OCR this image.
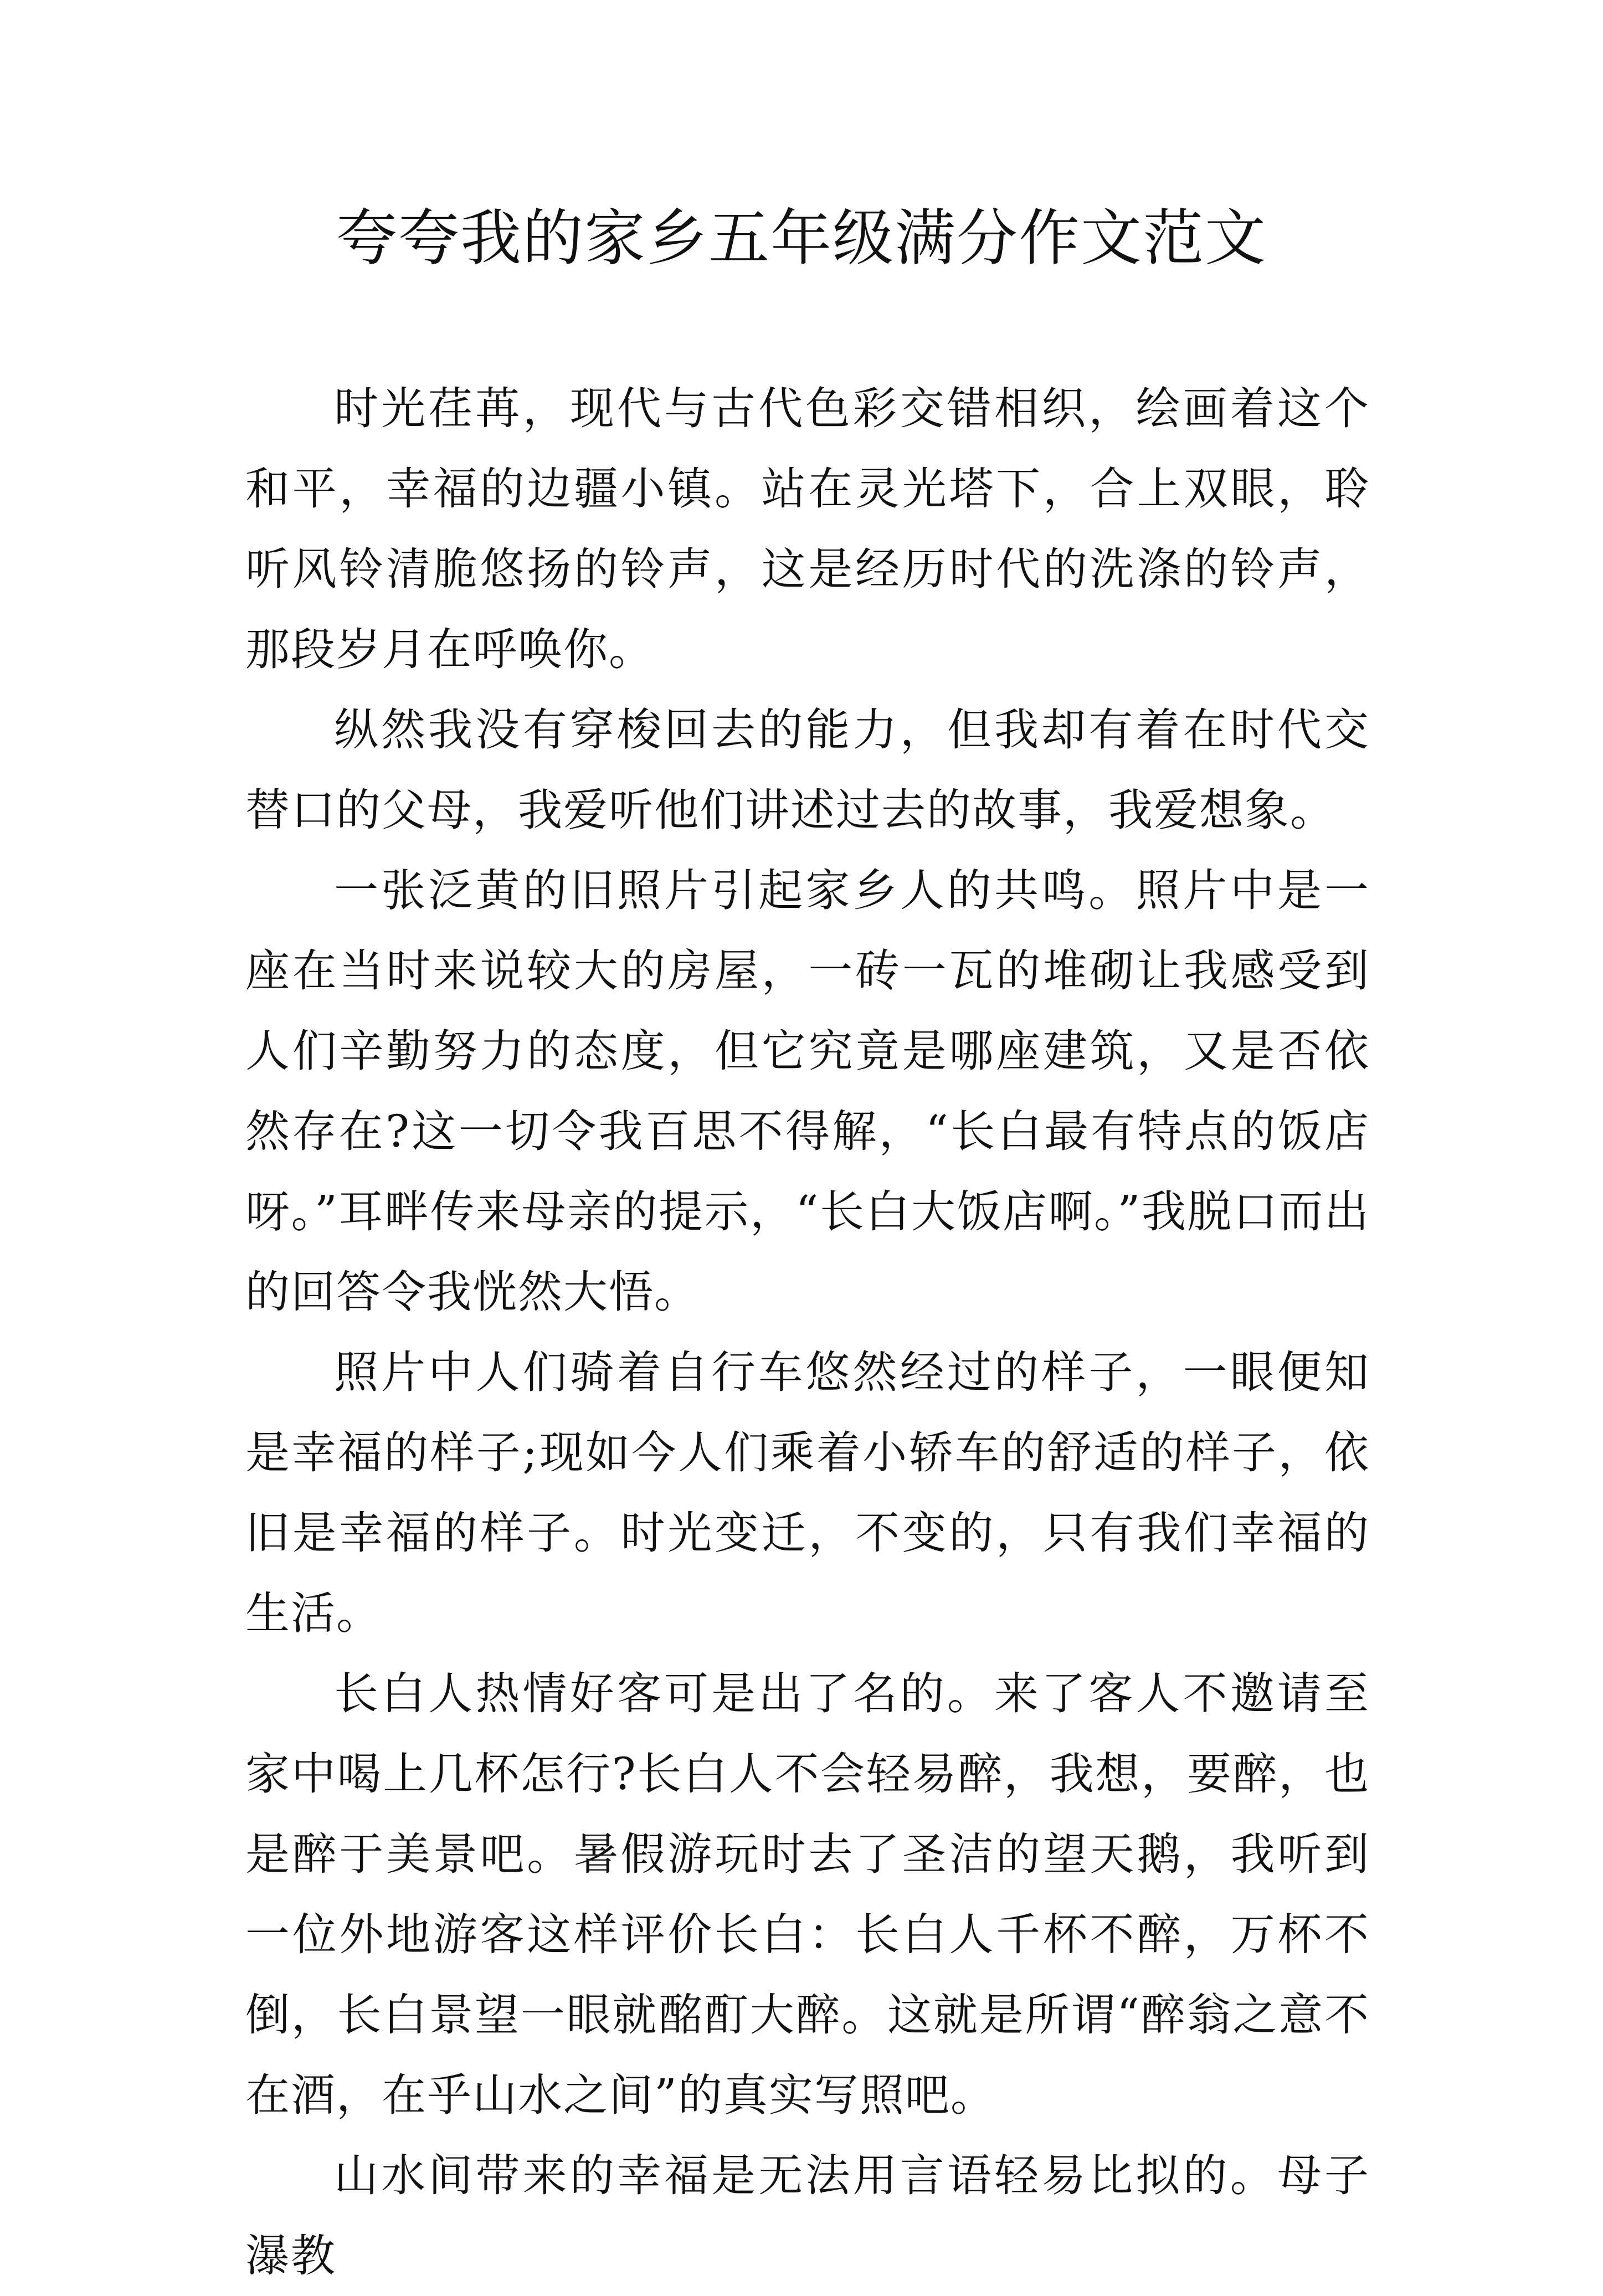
夸夸我的家乡五年级满分作文范文

时光荏苒，现代与古代色彩交错相织，绘画着这个和平，幸福的边疆小镇。站在灵光塔下，合上双眼，聆听风铃清脆悠扬的铃声，这是经历时代的洗涤的铃声，那段岁月在呼唤你。

纵然我没有穿梭回去的能力，但我却有着在时代交替口的父母，我爱听他们讲述过去的故事，我爱想象。

一张泛黄的旧照片引起家乡人的共鸣。照片中是一座在当时来说较大的房屋，一砖一瓦的堆砌让我感受到人们辛勤努力的态度，但它究竟是哪座建筑，又是否依然存在?这一切令我百思不得解，“长白最有特点的饭店呀。”耳畔传来母亲的提示，“长白大饭店啊。”我脱口而出的回答令我恍然大悟。

照片中人们骑着自行车悠然经过的样子，一眼便知是幸福的样子;现如今人们乘着小轿车的舒适的样子，依旧是幸福的样子。时光变迁，不变的，只有我们幸福的生活。

长白人热情好客可是出了名的。来了客人不邀请至家中喝上几杯怎行?长白人不会轻易醉，我想，要醉，也是醉于美景吧。暑假游玩时去了圣洁的望天鹅，我听到一位外地游客这样评价长白：长白人千杯不醉，万杯不倒，长白景望一眼就酩酊大醉。这就是所谓“醉翁之意不在酒，在乎山水之间”的真实写照吧。

山水间带来的幸福是无法用言语轻易比拟的。母子瀑教
